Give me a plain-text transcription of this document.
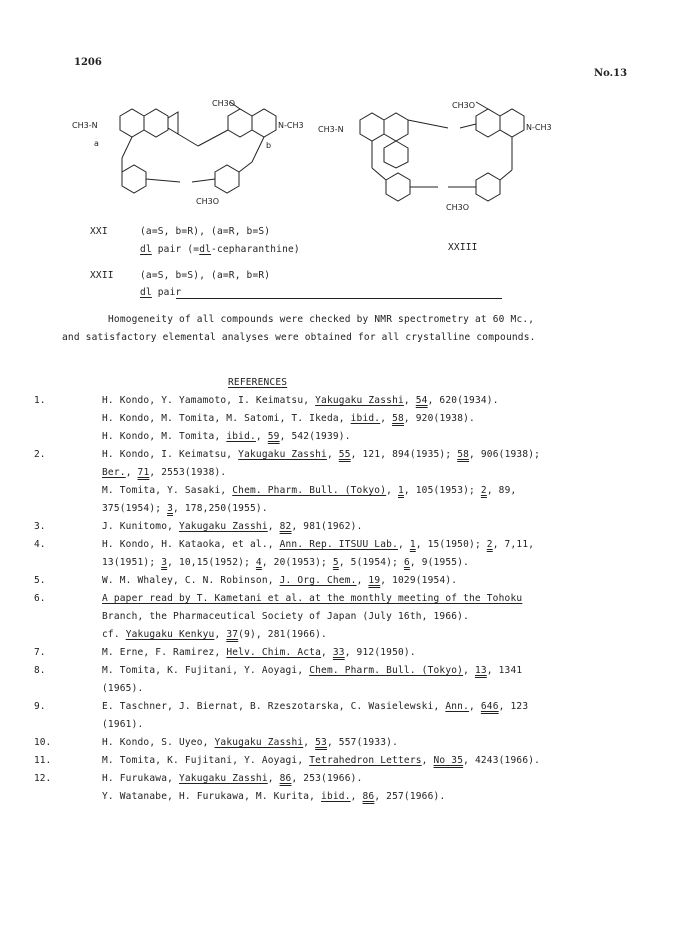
1206
No.13
CH3O
CH3-N	N-CH3
a	b
CH3O
CH3O
CH3-N	N-CH3
CH3O
XXI	(a=S, b=R), (a=R, b=S)
dl pair (=dl-cepharanthine)	XXIII
XXII	(a=S, b=S), (a=R, b=R)
dl pair
Homogeneity of all compounds were checked by NMR spectrometry at 60 Mc.,
and satisfactory elemental analyses were obtained for all crystalline compounds.
REFERENCES
1.	H. Kondo, Y. Yamamoto, I. Keimatsu, Yakugaku Zasshi, 54, 620(1934).
H. Kondo, M. Tomita, M. Satomi, T. Ikeda, ibid., 58, 920(1938).
H. Kondo, M. Tomita, ibid., 59, 542(1939).
2.	H. Kondo, I. Keimatsu, Yakugaku Zasshi, 55, 121, 894(1935); 58, 906(1938);
Ber., 71, 2553(1938).
M. Tomita, Y. Sasaki, Chem. Pharm. Bull. (Tokyo), 1, 105(1953); 2, 89,
375(1954); 3, 178,250(1955).
3.	J. Kunitomo, Yakugaku Zasshi, 82, 981(1962).
4.	H. Kondo, H. Kataoka, et al., Ann. Rep. ITSUU Lab., 1, 15(1950); 2, 7,11,
13(1951); 3, 10,15(1952); 4, 20(1953); 5, 5(1954); 6, 9(1955).
5.	W. M. Whaley, C. N. Robinson, J. Org. Chem., 19, 1029(1954).
6.	A paper read by T. Kametani et al. at the monthly meeting of the Tohoku
Branch, the Pharmaceutical Society of Japan (July 16th, 1966).
cf. Yakugaku Kenkyu, 37(9), 281(1966).
7.	M. Erne, F. Ramirez, Helv. Chim. Acta, 33, 912(1950).
8.	M. Tomita, K. Fujitani, Y. Aoyagi, Chem. Pharm. Bull. (Tokyo), 13, 1341
(1965).
9.	E. Taschner, J. Biernat, B. Rzeszotarska, C. Wasielewski, Ann., 646, 123
(1961).
10.	H. Kondo, S. Uyeo, Yakugaku Zasshi, 53, 557(1933).
11.	M. Tomita, K. Fujitani, Y. Aoyagi, Tetrahedron Letters, No 35, 4243(1966).
12.	H. Furukawa, Yakugaku Zasshi, 86, 253(1966).
Y. Watanabe, H. Furukawa, M. Kurita, ibid., 86, 257(1966).
